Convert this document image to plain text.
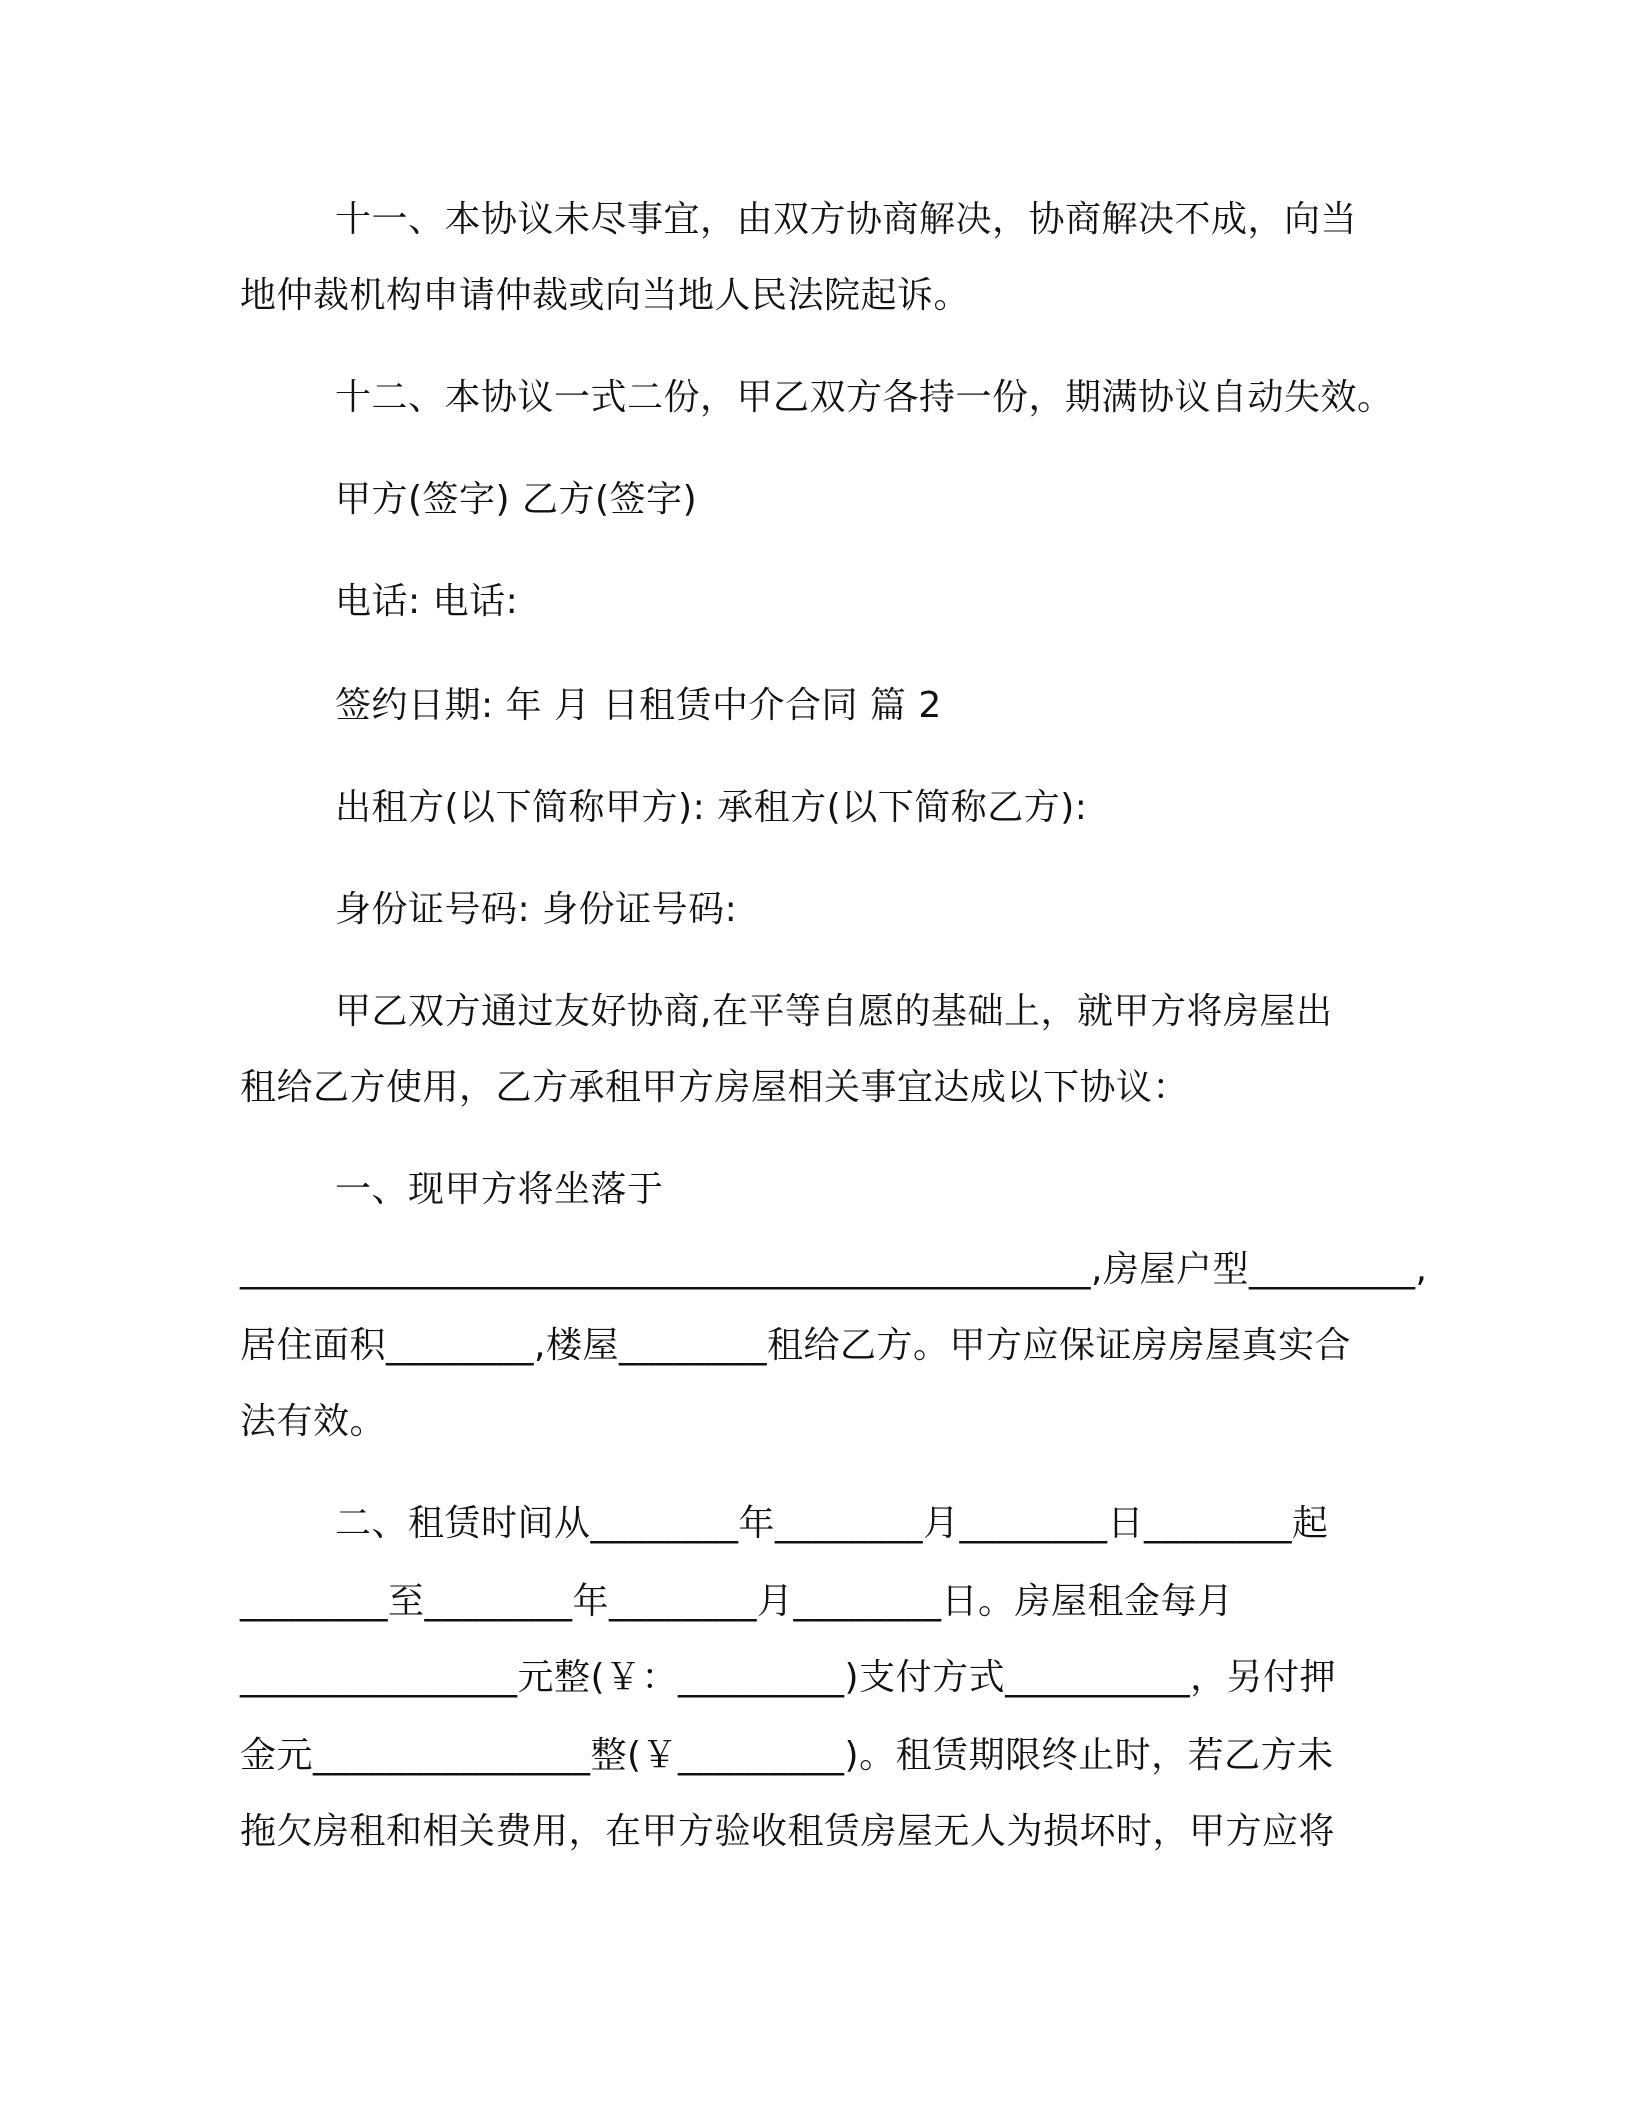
十一、本协议未尽事宜，由双方协商解决，协商解决不成，向当
地仲裁机构申请仲裁或向当地人民法院起诉。
十二、本协议一式二份，甲乙双方各持一份，期满协议自动失效。
甲方(签字) 乙方(签字)
电话: 电话:
签约日期: 年 月 日租赁中介合同 篇 2
出租方(以下简称甲方): 承租方(以下简称乙方):
身份证号码: 身份证号码:
甲乙双方通过友好协商,在平等自愿的基础上，就甲方将房屋出
租给乙方使用，乙方承租甲方房屋相关事宜达成以下协议：
一、现甲方将坐落于
______________________________________________,房屋户型_________,
居住面积________,楼屋________租给乙方。甲方应保证房房屋真实合
法有效。
二、租赁时间从________年________月________日________起
________至________年________月________日。房屋租金每月
_______________元整(￥：_________)支付方式__________，另付押
金元_______________整(￥_________)。租赁期限终止时，若乙方未
拖欠房租和相关费用，在甲方验收租赁房屋无人为损坏时，甲方应将
